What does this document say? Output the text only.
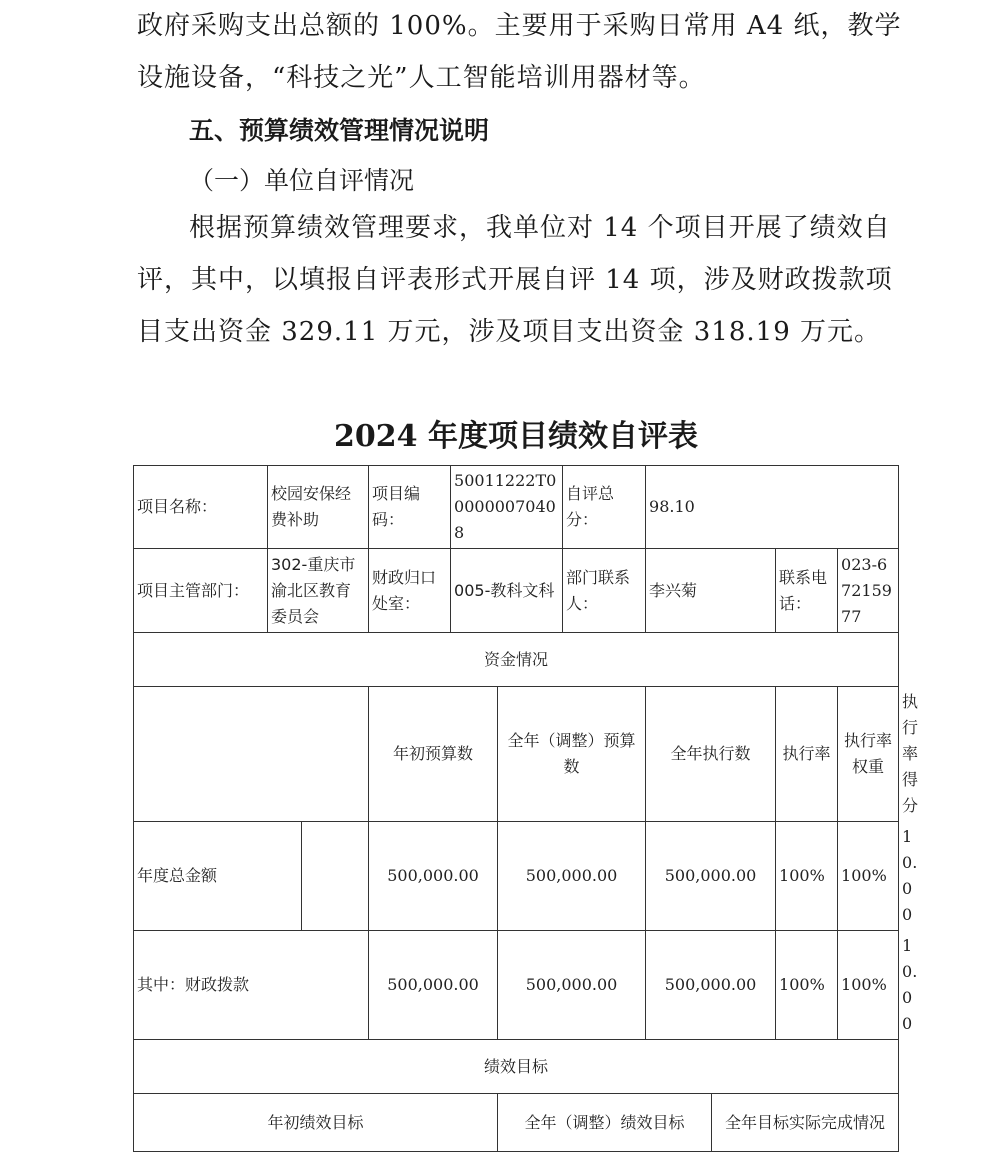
政府采购支出总额的 100%。主要用于采购日常用 A4 纸，教学
设施设备，“科技之光”人工智能培训用器材等。
五、预算绩效管理情况说明
（一）单位自评情况
根据预算绩效管理要求，我单位对 14 个项目开展了绩效自
评，其中，以填报自评表形式开展自评 14 项，涉及财政拨款项
目支出资金 329.11 万元，涉及项目支出资金 318.19 万元。
2024 年度项目绩效自评表
项目名称：	校园安保经费补助		项目编码：	50011222T000000070408		自评总分：	98.10				
项目主管部门：	302-重庆市渝北区教育委员会		财政归口处室：	005-教科文科		部门联系人：	李兴菊		联系电话：	023-67215977	
资金情况											
			年初预算数		全年（调整）预算数		全年执行数		执行率	执行率权重	执行率得分
年度总金额			500,000.00		500,000.00		500,000.00		100%	100%	10.00
其中：财政拨款			500,000.00		500,000.00		500,000.00		100%	100%	10.00
绩效目标											
年初绩效目标					全年（调整）绩效目标			全年目标实际完成情况			
